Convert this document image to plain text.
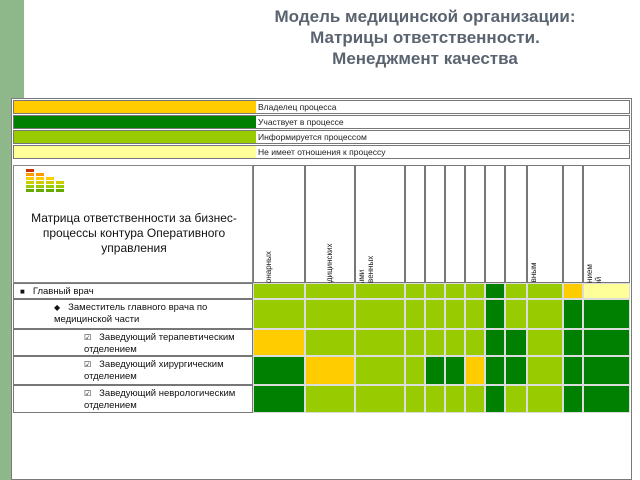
Модель медицинской организации:
Матрицы ответственности.
Менеджмент качества
Владелец процесса
Участвует в процессе
Информируется процессом
Не имеет отношения к процессу
Матрица ответственности за бизнес-процессы контура Оперативного управления
■ Главный врач
◆ Заместитель главного врача по медицинской части
☑ Заведующий терапевтическим отделением
☑ Заведующий хирургическим отделением
☑ Заведующий неврологическим отделением
